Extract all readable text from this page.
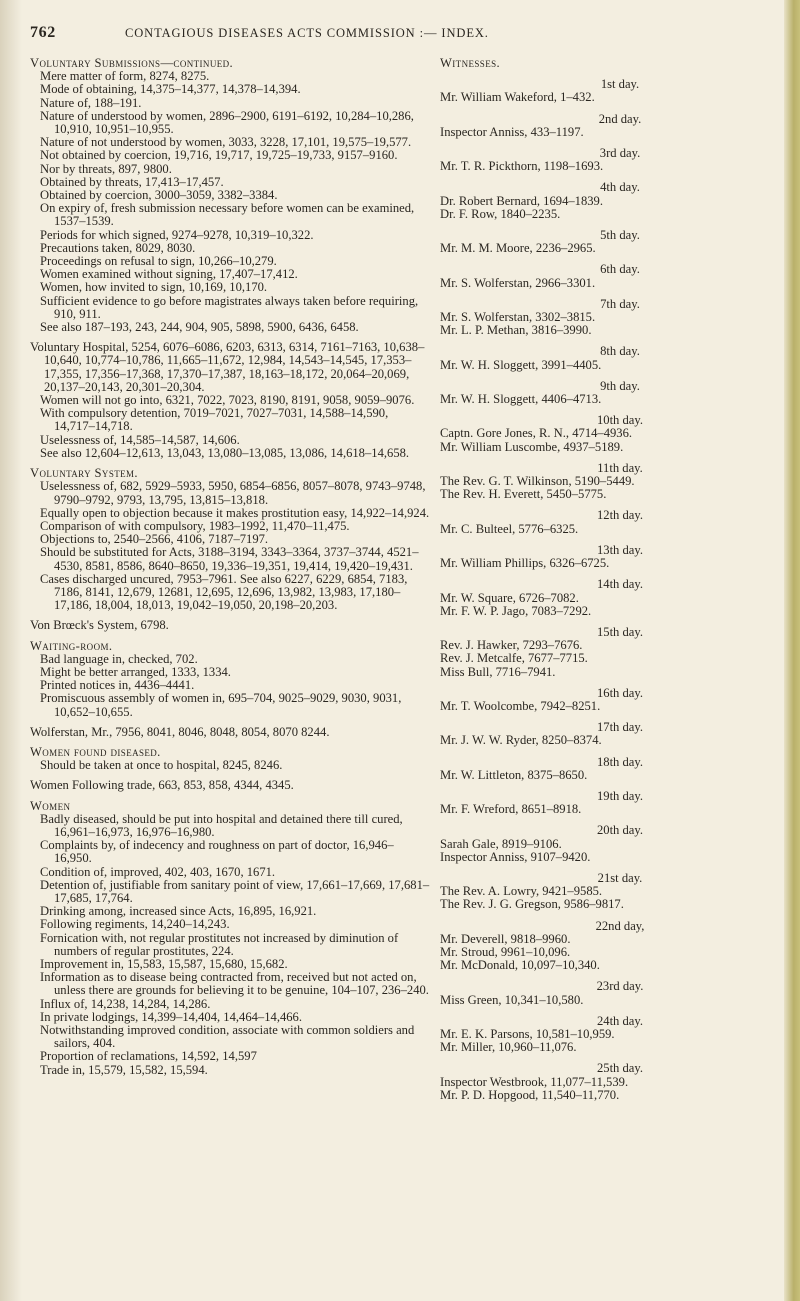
762	CONTAGIOUS DISEASES ACTS COMMISSION :— INDEX.

Voluntary Submissions—continued.

Mere matter of form, 8274, 8275.

Mode of obtaining, 14,375–14,377, 14,378–14,394.

Nature of, 188–191.

Nature of understood by women, 2896–2900, 6191–6192, 10,284–10,286, 10,910, 10,951–10,955.

Nature of not understood by women, 3033, 3228, 17,101, 19,575–19,577.

Not obtained by coercion, 19,716, 19,717, 19,725–19,733, 9157–9160.

Nor by threats, 897, 9800.

Obtained by threats, 17,413–17,457.

Obtained by coercion, 3000–3059, 3382–3384.

On expiry of, fresh submission necessary before women can be examined, 1537–1539.

Periods for which signed, 9274–9278, 10,319–10,322.

Precautions taken, 8029, 8030.

Proceedings on refusal to sign, 10,266–10,279.

Women examined without signing, 17,407–17,412.

Women, how invited to sign, 10,169, 10,170.

Sufficient evidence to go before magistrates always taken before requiring, 910, 911.

See also 187–193, 243, 244, 904, 905, 5898, 5900, 6436, 6458.

Voluntary Hospital, 5254, 6076–6086, 6203, 6313, 6314, 7161–7163, 10,638–10,640, 10,774–10,786, 11,665–11,672, 12,984, 14,543–14,545, 17,353–17,355, 17,356–17,368, 17,370–17,387, 18,163–18,172, 20,064–20,069, 20,137–20,143, 20,301–20,304.

Women will not go into, 6321, 7022, 7023, 8190, 8191, 9058, 9059–9076.

With compulsory detention, 7019–7021, 7027–7031, 14,588–14,590, 14,717–14,718.

Uselessness of, 14,585–14,587, 14,606.

See also 12,604–12,613, 13,043, 13,080–13,085, 13,086, 14,618–14,658.

Voluntary System.

Uselessness of, 682, 5929–5933, 5950, 6854–6856, 8057–8078, 9743–9748, 9790–9792, 9793, 13,795, 13,815–13,818.

Equally open to objection because it makes prostitution easy, 14,922–14,924.

Comparison of with compulsory, 1983–1992, 11,470–11,475.

Objections to, 2540–2566, 4106, 7187–7197.

Should be substituted for Acts, 3188–3194, 3343–3364, 3737–3744, 4521–4530, 8581, 8586, 8640–8650, 19,336–19,351, 19,414, 19,420–19,431.

Cases discharged uncured, 7953–7961. See also 6227, 6229, 6854, 7183, 7186, 8141, 12,679, 12681, 12,695, 12,696, 13,982, 13,983, 17,180–17,186, 18,004, 18,013, 19,042–19,050, 20,198–20,203.

Von Brœck's System, 6798.

Waiting-room.

Bad language in, checked, 702.

Might be better arranged, 1333, 1334.

Printed notices in, 4436–4441.

Promiscuous assembly of women in, 695–704, 9025–9029, 9030, 9031, 10,652–10,655.

Wolferstan, Mr., 7956, 8041, 8046, 8048, 8054, 8070 8244.

Women found diseased.

Should be taken at once to hospital, 8245, 8246.

Women Following trade, 663, 853, 858, 4344, 4345.

Women

Badly diseased, should be put into hospital and detained there till cured, 16,961–16,973, 16,976–16,980.

Complaints by, of indecency and roughness on part of doctor, 16,946–16,950.

Condition of, improved, 402, 403, 1670, 1671.

Detention of, justifiable from sanitary point of view, 17,661–17,669, 17,681–17,685, 17,764.

Drinking among, increased since Acts, 16,895, 16,921.

Following regiments, 14,240–14,243.

Fornication with, not regular prostitutes not increased by diminution of numbers of regular prostitutes, 224.

Improvement in, 15,583, 15,587, 15,680, 15,682.

Information as to disease being contracted from, received but not acted on, unless there are grounds for believing it to be genuine, 104–107, 236–240.

Influx of, 14,238, 14,284, 14,286.

In private lodgings, 14,399–14,404, 14,464–14,466.

Notwithstanding improved condition, associate with common soldiers and sailors, 404.

Proportion of reclamations, 14,592, 14,597

Trade in, 15,579, 15,582, 15,594.

Witnesses.

1st day.

Mr. William Wakeford, 1–432.

2nd day.

Inspector Anniss, 433–1197.

3rd day.

Mr. T. R. Pickthorn, 1198–1693.

4th day.

Dr. Robert Bernard, 1694–1839.

Dr. F. Row, 1840–2235.

5th day.

Mr. M. M. Moore, 2236–2965.

6th day.

Mr. S. Wolferstan, 2966–3301.

7th day.

Mr. S. Wolferstan, 3302–3815.

Mr. L. P. Methan, 3816–3990.

8th day.

Mr. W. H. Sloggett, 3991–4405.

9th day.

Mr. W. H. Sloggett, 4406–4713.

10th day.

Captn. Gore Jones, R. N., 4714–4936.

Mr. William Luscombe, 4937–5189.

11th day.

The Rev. G. T. Wilkinson, 5190–5449.

The Rev. H. Everett, 5450–5775.

12th day.

Mr. C. Bulteel, 5776–6325.

13th day.

Mr. William Phillips, 6326–6725.

14th day.

Mr. W. Square, 6726–7082.

Mr. F. W. P. Jago, 7083–7292.

15th day.

Rev. J. Hawker, 7293–7676.

Rev. J. Metcalfe, 7677–7715.

Miss Bull, 7716–7941.

16th day.

Mr. T. Woolcombe, 7942–8251.

17th day.

Mr. J. W. W. Ryder, 8250–8374.

18th day.

Mr. W. Littleton, 8375–8650.

19th day.

Mr. F. Wreford, 8651–8918.

20th day.

Sarah Gale, 8919–9106.

Inspector Anniss, 9107–9420.

21st day.

The Rev. A. Lowry, 9421–9585.

The Rev. J. G. Gregson, 9586–9817.

22nd day,

Mr. Deverell, 9818–9960.

Mr. Stroud, 9961–10,096.

Mr. McDonald, 10,097–10,340.

23rd day.

Miss Green, 10,341–10,580.

24th day.

Mr. E. K. Parsons, 10,581–10,959.

Mr. Miller, 10,960–11,076.

25th day.

Inspector Westbrook, 11,077–11,539.

Mr. P. D. Hopgood, 11,540–11,770.
